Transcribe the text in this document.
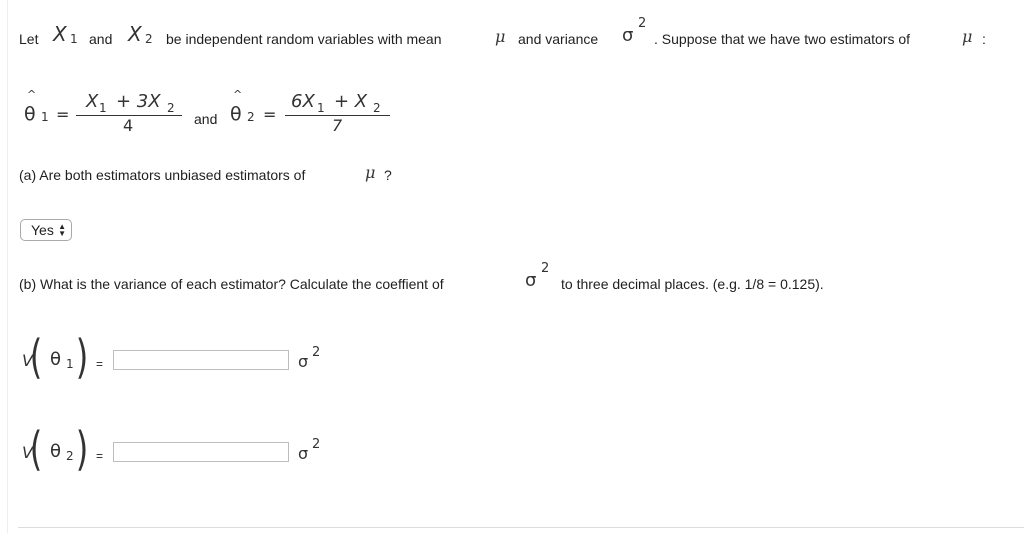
Let X 1 and X 2 be independent random variables with mean	μ and variance σ
2
. Suppose that we have two estimators of	μ :
^
θ 1 =
X 1 + 3X 2
4	and
^
θ 2 =
6X 1 + X 2
7
(a) Are both estimators unbiased estimators of	μ ?
Yes ▲
▼
(b) What is the variance of each estimator? Calculate the coeffient of	σ
2
to three decimal places. (e.g. 1/8 = 0.125).
V
( θ 1 ) =	σ 2
V
( θ 2 ) =	σ 2
